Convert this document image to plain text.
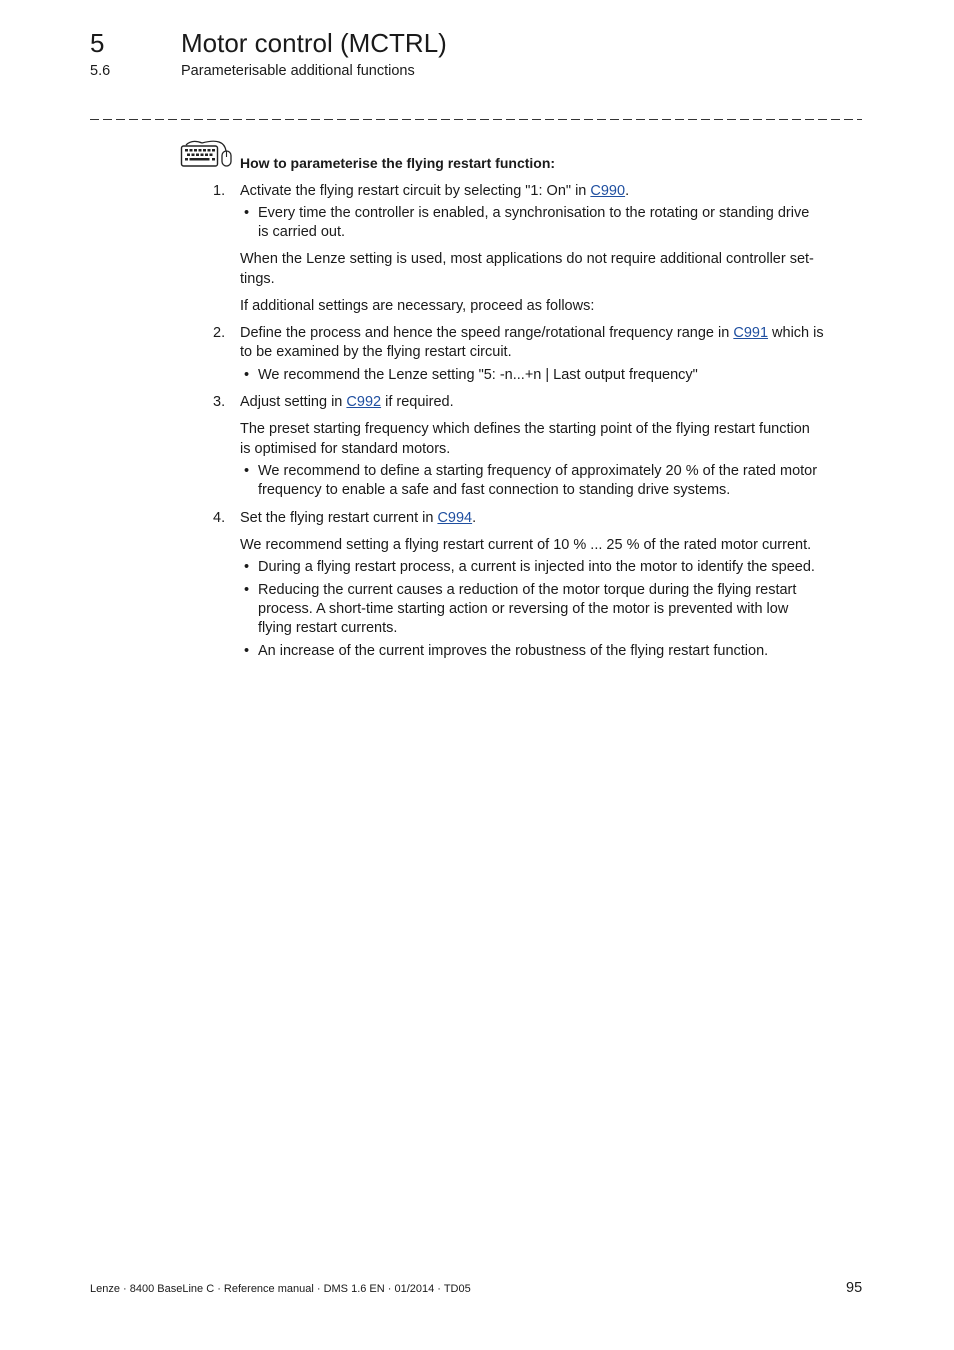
5	Motor control (MCTRL)
5.6	Parameterisable additional functions
How to parameterise the flying restart function:
1. Activate the flying restart circuit by selecting "1: On" in C990.
• Every time the controller is enabled, a synchronisation to the rotating or standing drive
is carried out.
When the Lenze setting is used, most applications do not require additional controller set-
tings.
If additional settings are necessary, proceed as follows:
2. Define the process and hence the speed range/rotational frequency range in C991 which is
to be examined by the flying restart circuit.
• We recommend the Lenze setting "5: -n...+n | Last output frequency"
3. Adjust setting in C992 if required.
The preset starting frequency which defines the starting point of the flying restart function
is optimised for standard motors.
• We recommend to define a starting frequency of approximately 20 % of the rated motor
frequency to enable a safe and fast connection to standing drive systems.
4. Set the flying restart current in C994.
We recommend setting a flying restart current of 10 % ... 25 % of the rated motor current.
• During a flying restart process, a current is injected into the motor to identify the speed.
• Reducing the current causes a reduction of the motor torque during the flying restart
process. A short-time starting action or reversing of the motor is prevented with low
flying restart currents.
• An increase of the current improves the robustness of the flying restart function.
Lenze · 8400 BaseLine C · Reference manual · DMS 1.6 EN · 01/2014 · TD05	95
